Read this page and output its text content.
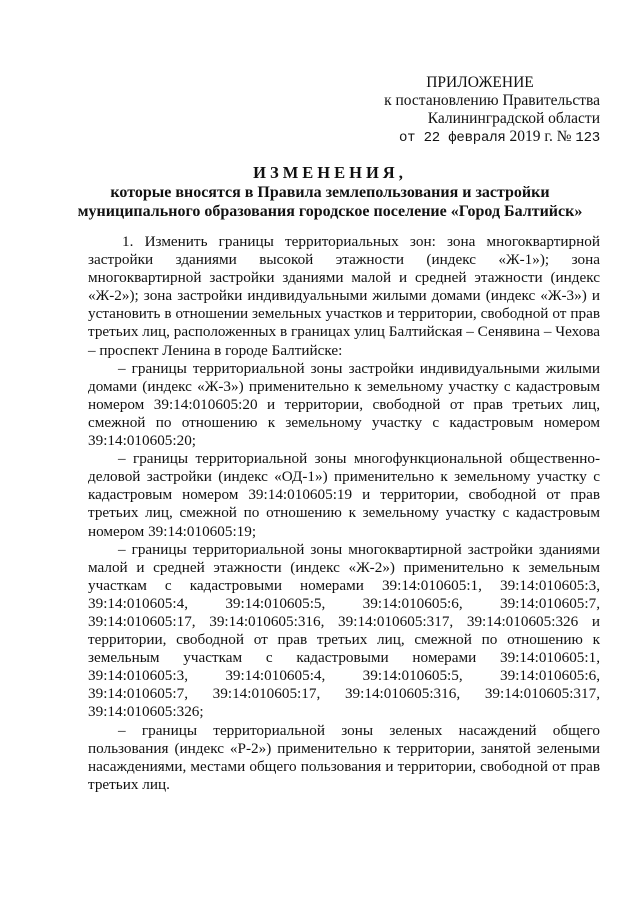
ПРИЛОЖЕНИЕ
к постановлению Правительства
Калининградской области
от 22 февраля 2019 г. № 123
ИЗМЕНЕНИЯ,
которые вносятся в Правила землепользования и застройки
муниципального образования городское поселение «Город Балтийск»

1. Изменить границы территориальных зон: зона многоквартирной застройки зданиями высокой этажности (индекс «Ж-1»); зона многоквартирной застройки зданиями малой и средней этажности (индекс «Ж-2»); зона застройки индивидуальными жилыми домами (индекс «Ж-3») и установить в отношении земельных участков и территории, свободной от прав третьих лиц, расположенных в границах улиц Балтийская – Сенявина – Чехова – проспект Ленина в городе Балтийске:

– границы территориальной зоны застройки индивидуальными жилыми домами (индекс «Ж-3») применительно к земельному участку с кадастровым номером 39:14:010605:20 и территории, свободной от прав третьих лиц, смежной по отношению к земельному участку с кадастровым номером 39:14:010605:20;

– границы территориальной зоны многофункциональной общественно-деловой застройки (индекс «ОД-1») применительно к земельному участку с кадастровым номером 39:14:010605:19 и территории, свободной от прав третьих лиц, смежной по отношению к земельному участку с кадастровым номером 39:14:010605:19;

– границы территориальной зоны многоквартирной застройки зданиями малой и средней этажности (индекс «Ж-2») применительно к земельным участкам с кадастровыми номерами 39:14:010605:1, 39:14:010605:3, 39:14:010605:4, 39:14:010605:5, 39:14:010605:6, 39:14:010605:7, 39:14:010605:17, 39:14:010605:316, 39:14:010605:317, 39:14:010605:326 и территории, свободной от прав третьих лиц, смежной по отношению к земельным участкам с кадастровыми номерами 39:14:010605:1, 39:14:010605:3, 39:14:010605:4, 39:14:010605:5, 39:14:010605:6, 39:14:010605:7, 39:14:010605:17, 39:14:010605:316, 39:14:010605:317, 39:14:010605:326;

– границы территориальной зоны зеленых насаждений общего пользования (индекс «Р-2») применительно к территории, занятой зелеными насаждениями, местами общего пользования и территории, свободной от прав третьих лиц.
